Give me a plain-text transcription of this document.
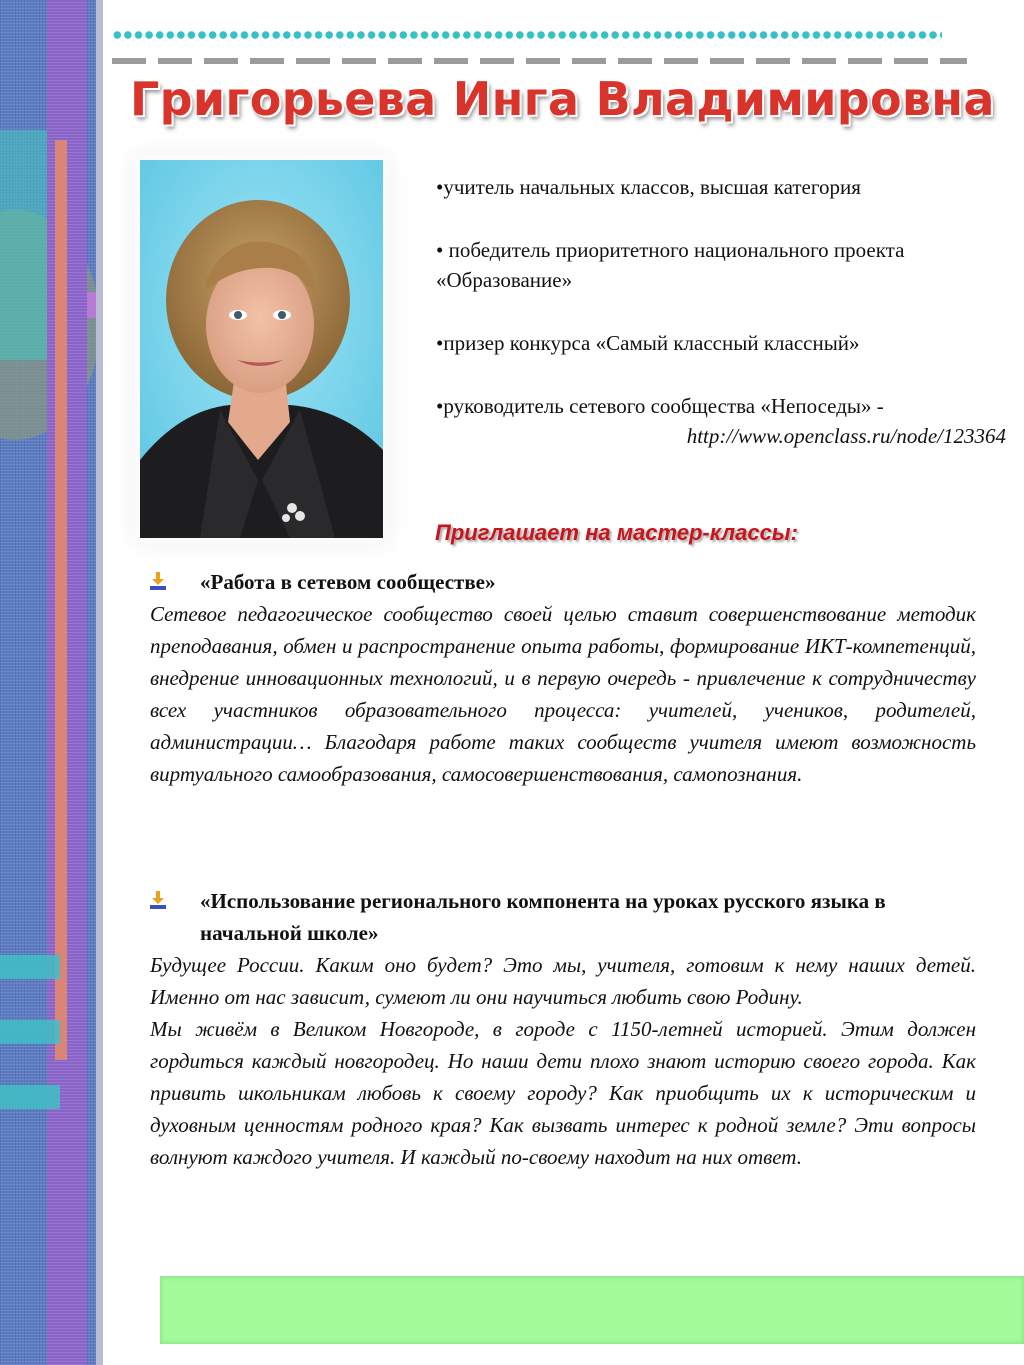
Григорьева Инга Владимировна

•учитель начальных классов, высшая категория

• победитель приоритетного национального проекта «Образование»

•призер конкурса «Самый классный классный»

•руководитель сетевого сообщества «Непоседы» -

http://www.openclass.ru/node/123364

Приглашает на мастер-классы:
«Работа в сетевом сообществе»

Сетевое педагогическое сообщество своей целью ставит совершенствование методик преподавания, обмен и распространение опыта работы, формирование ИКТ-компетенций, внедрение инновационных технологий, и в первую очередь - привлечение к сотрудничеству всех участников образовательного процесса: учителей, учеников, родителей, администрации… Благодаря работе таких сообществ учителя имеют возможность виртуального самообразования, самосовершенствования, самопознания.

«Использование регионального компонента на уроках русского языка в начальной школе»

Будущее России. Каким оно будет? Это мы, учителя, готовим к нему наших детей. Именно от нас зависит, сумеют ли они научиться любить свою Родину.

Мы живём в Великом Новгороде, в городе с 1150-летней историей. Этим должен гордиться каждый новгородец. Но наши дети плохо знают историю своего города. Как привить школьникам любовь к своему городу? Как приобщить их к историческим и духовным ценностям родного края? Как вызвать интерес к родной земле? Эти вопросы волнуют каждого учителя. И каждый по-своему находит на них ответ.
